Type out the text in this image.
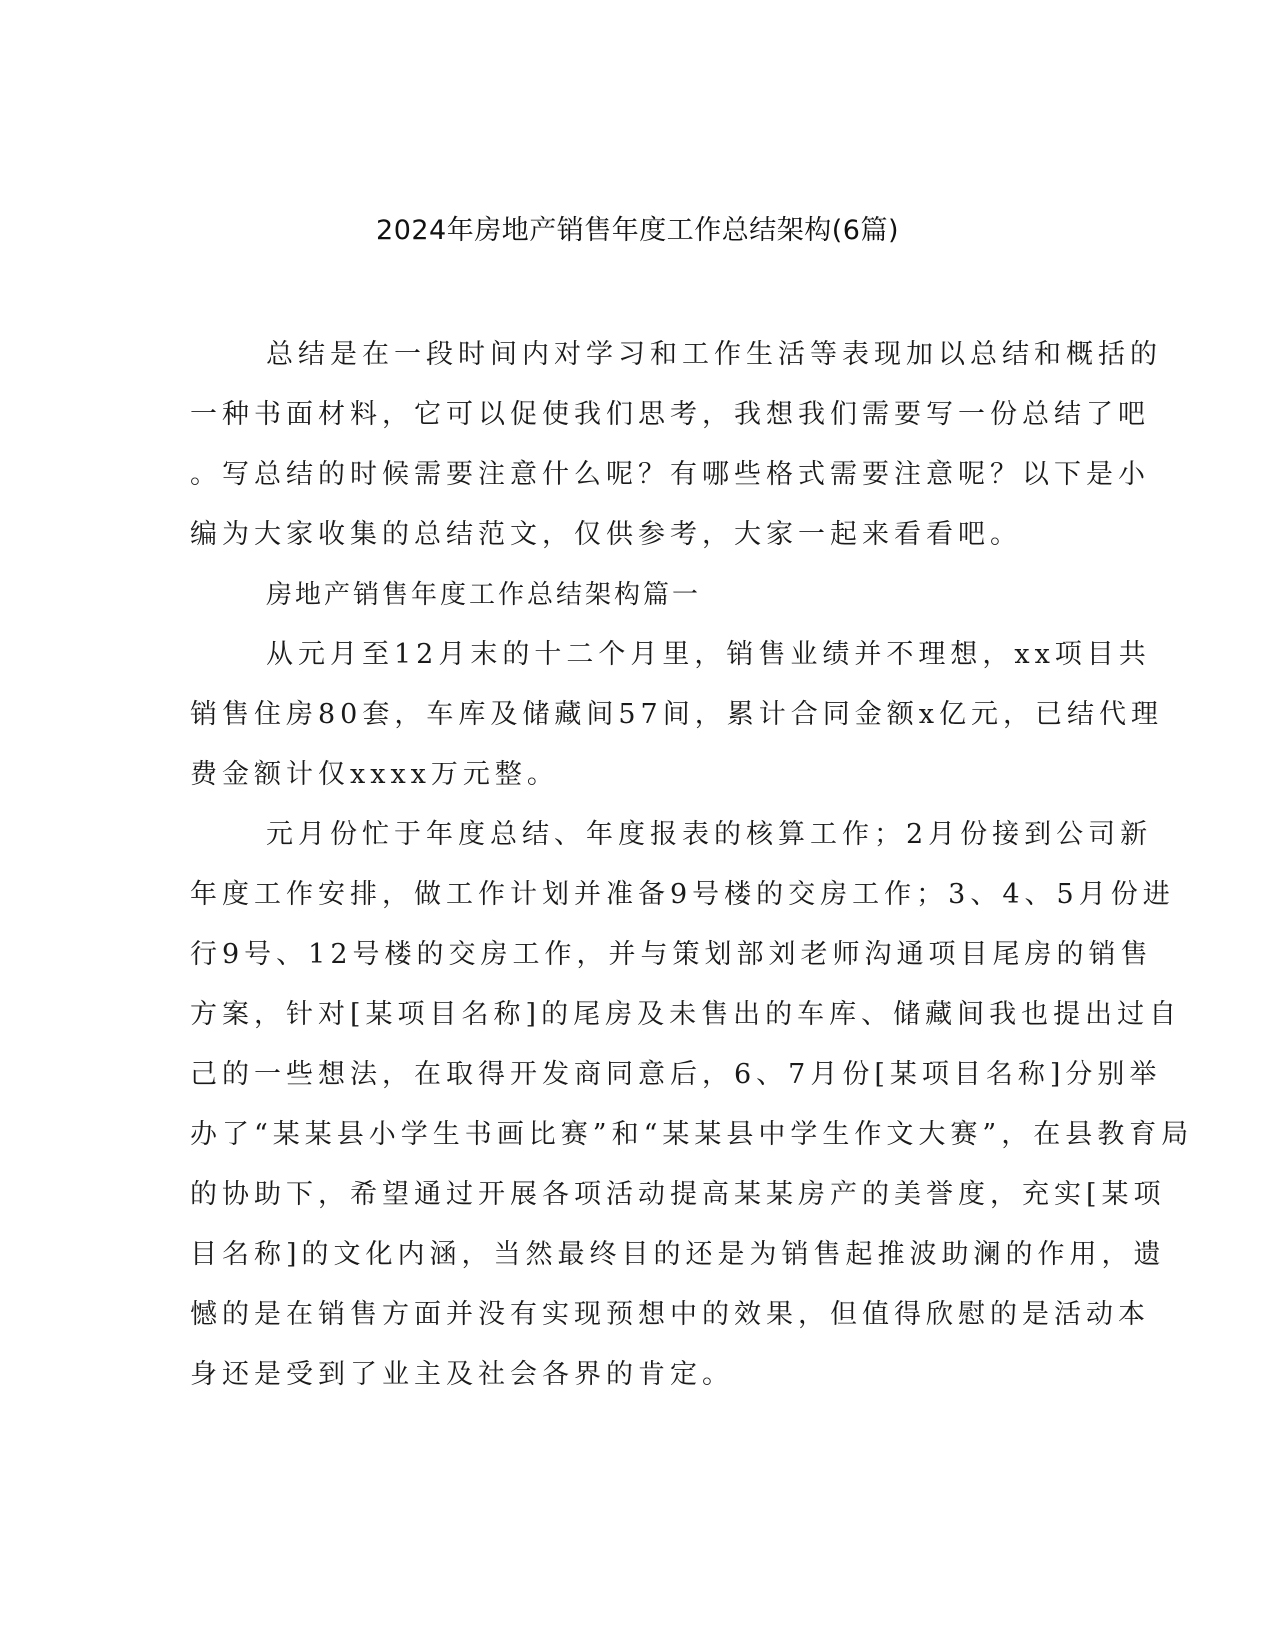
2024年房地产销售年度工作总结架构(6篇)

总结是在一段时间内对学习和工作生活等表现加以总结和概括的
一种书面材料，它可以促使我们思考，我想我们需要写一份总结了吧
。写总结的时候需要注意什么呢？有哪些格式需要注意呢？以下是小
编为大家收集的总结范文，仅供参考，大家一起来看看吧。

房地产销售年度工作总结架构篇一

从元月至12月末的十二个月里，销售业绩并不理想，xx项目共
销售住房80套，车库及储藏间57间，累计合同金额x亿元，已结代理
费金额计仅xxxx万元整。

元月份忙于年度总结、年度报表的核算工作；2月份接到公司新
年度工作安排，做工作计划并准备9号楼的交房工作；3、4、5月份进
行9号、12号楼的交房工作，并与策划部刘老师沟通项目尾房的销售
方案，针对[某项目名称]的尾房及未售出的车库、储藏间我也提出过自
己的一些想法，在取得开发商同意后，6、7月份[某项目名称]分别举
办了“某某县小学生书画比赛”和“某某县中学生作文大赛”，在县教育局
的协助下，希望通过开展各项活动提高某某房产的美誉度，充实[某项
目名称]的文化内涵，当然最终目的还是为销售起推波助澜的作用，遗
憾的是在销售方面并没有实现预想中的效果，但值得欣慰的是活动本
身还是受到了业主及社会各界的肯定。
